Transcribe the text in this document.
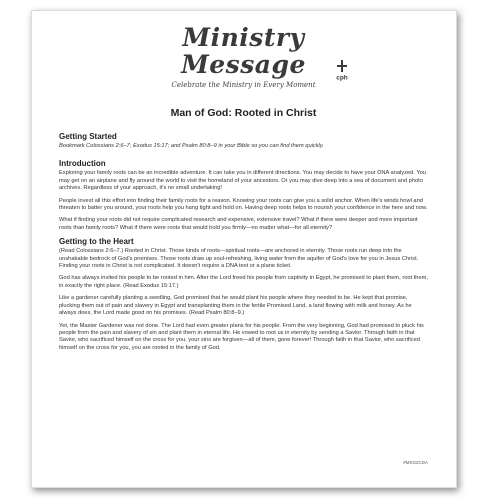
Ministry
Message	cph
Celebrate the Ministry in Every Moment
Man of God: Rooted in Christ
Getting Started

Bookmark Colossians 2:6–7; Exodus 15:17; and Psalm 80:8–9 in your Bible so you can find them quickly.

Introduction

Exploring your family roots can be an incredible adventure. It can take you in different directions. You may decide to have your DNA analyzed. You may get on an airplane and fly around the world to visit the homeland of your ancestors. Or you may dive deep into a sea of document and photo archives. Regardless of your approach, it's no small undertaking!

People invest all this effort into finding their family roots for a reason. Knowing your roots can give you a solid anchor. When life's winds howl and threaten to batter you around, your roots help you hang tight and hold on. Having deep roots helps to nourish your confidence in the here and now.

What if finding your roots did not require complicated research and expensive, extensive travel? What if there were deeper and more important roots than family roots? What if there were roots that would hold you firmly—no matter what—for all eternity?

Getting to the Heart

(Read Colossians 2:6–7.) Rooted in Christ. Those kinds of roots—spiritual roots—are anchored in eternity. Those roots run deep into the unshakable bedrock of God's promises. Those roots draw up soul-refreshing, living water from the aquifer of God's love for you in Jesus Christ. Finding your roots in Christ is not complicated. It doesn't require a DNA test or a plane ticket.

God has always invited his people to be rooted in him. After the Lord freed his people from captivity in Egypt, he promised to plant them, root them, in exactly the right place. (Read Exodus 15:17.)

Like a gardener carefully planting a seedling, God promised that he would plant his people where they needed to be. He kept that promise, plucking them out of pain and slavery in Egypt and transplanting them in the fertile Promised Land, a land flowing with milk and honey. As he always does, the Lord made good on his promises. (Read Psalm 80:8–9.)

Yet, the Master Gardener was not done. The Lord had even greater plans for his people. From the very beginning, God had promised to pluck his people from the pain and slavery of sin and plant them in eternal life. He vowed to root us in eternity by sending a Savior. Through faith in that Savior, who sacrificed himself on the cross for you, your sins are forgiven—all of them, gone forever! Through faith in that Savior, who sacrificed himself on the cross for you, you are rooted in the family of God.

#MXG2CDA
